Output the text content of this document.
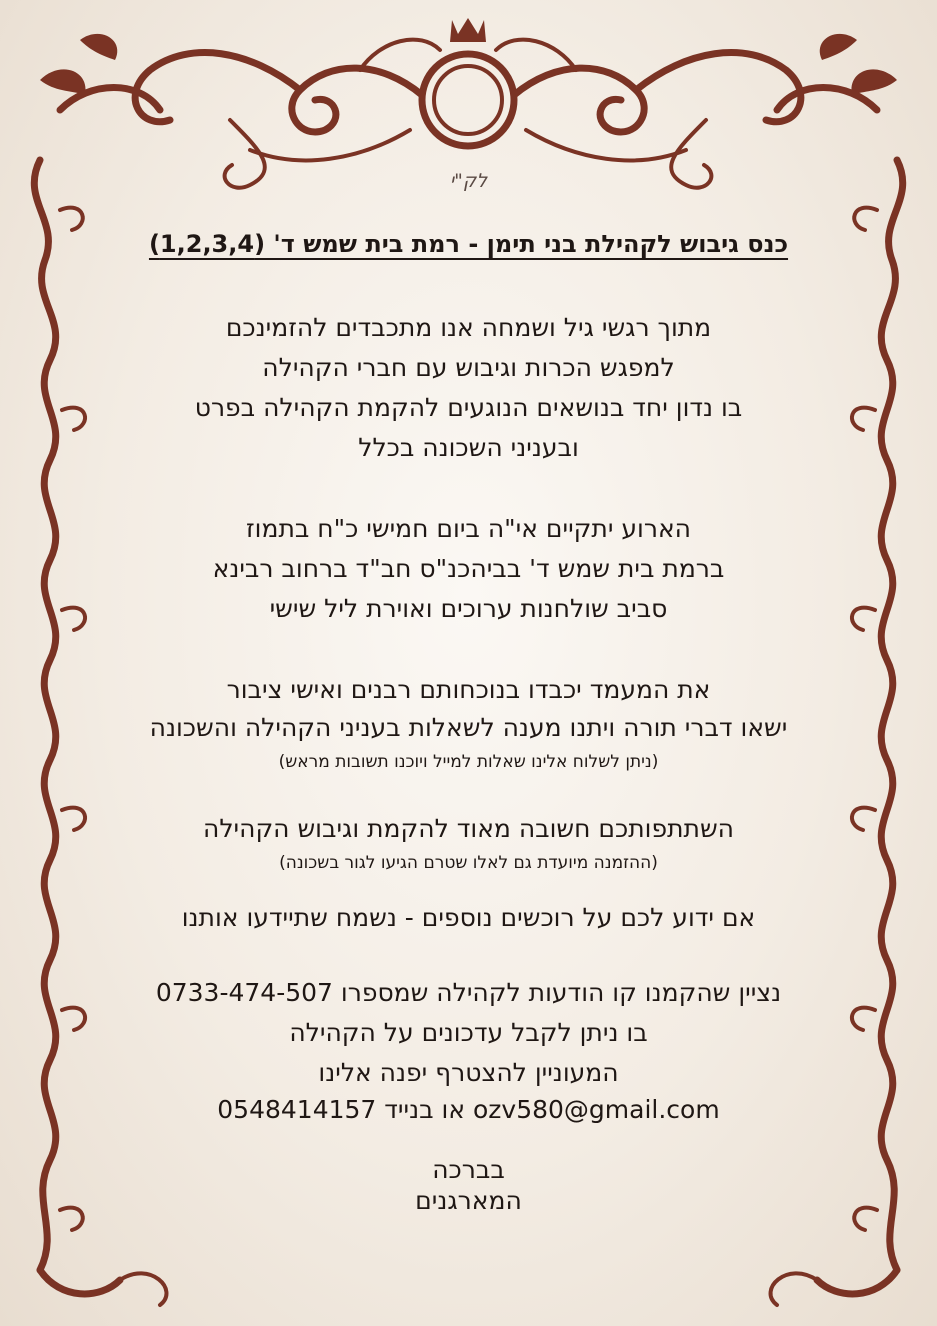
לק"י
כנס גיבוש לקהילת בני תימן - רמת בית שמש ד' (1,2,3,4)
מתוך רגשי גיל ושמחה אנו מתכבדים להזמינכם
למפגש הכרות וגיבוש עם חברי הקהילה
בו נדון יחד בנושאים הנוגעים להקמת הקהילה בפרט
ובעניני השכונה בכלל
הארוע יתקיים אי"ה ביום חמישי כ"ח בתמוז
ברמת בית שמש ד' בביהכנ"ס חב"ד ברחוב רבינא
סביב שולחנות ערוכים ואוירת ליל שישי
את המעמד יכבדו בנוכחותם רבנים ואישי ציבור
ישאו דברי תורה ויתנו מענה לשאלות בעניני הקהילה והשכונה
(ניתן לשלוח אלינו שאלות למייל ויוכנו תשובות מראש)
השתתפותכם חשובה מאוד להקמת וגיבוש הקהילה
(ההזמנה מיועדת גם לאלו שטרם הגיעו לגור בשכונה)
אם ידוע לכם על רוכשים נוספים - נשמח שתיידעו אותנו
נציין שהקמנו קו הודעות לקהילה שמספרו 0733-474-507
בו ניתן לקבל עדכונים על הקהילה
המעוניין להצטרף יפנה אלינו
ozv580@gmail.com או בנייד 0548414157
בברכה
המארגנים
